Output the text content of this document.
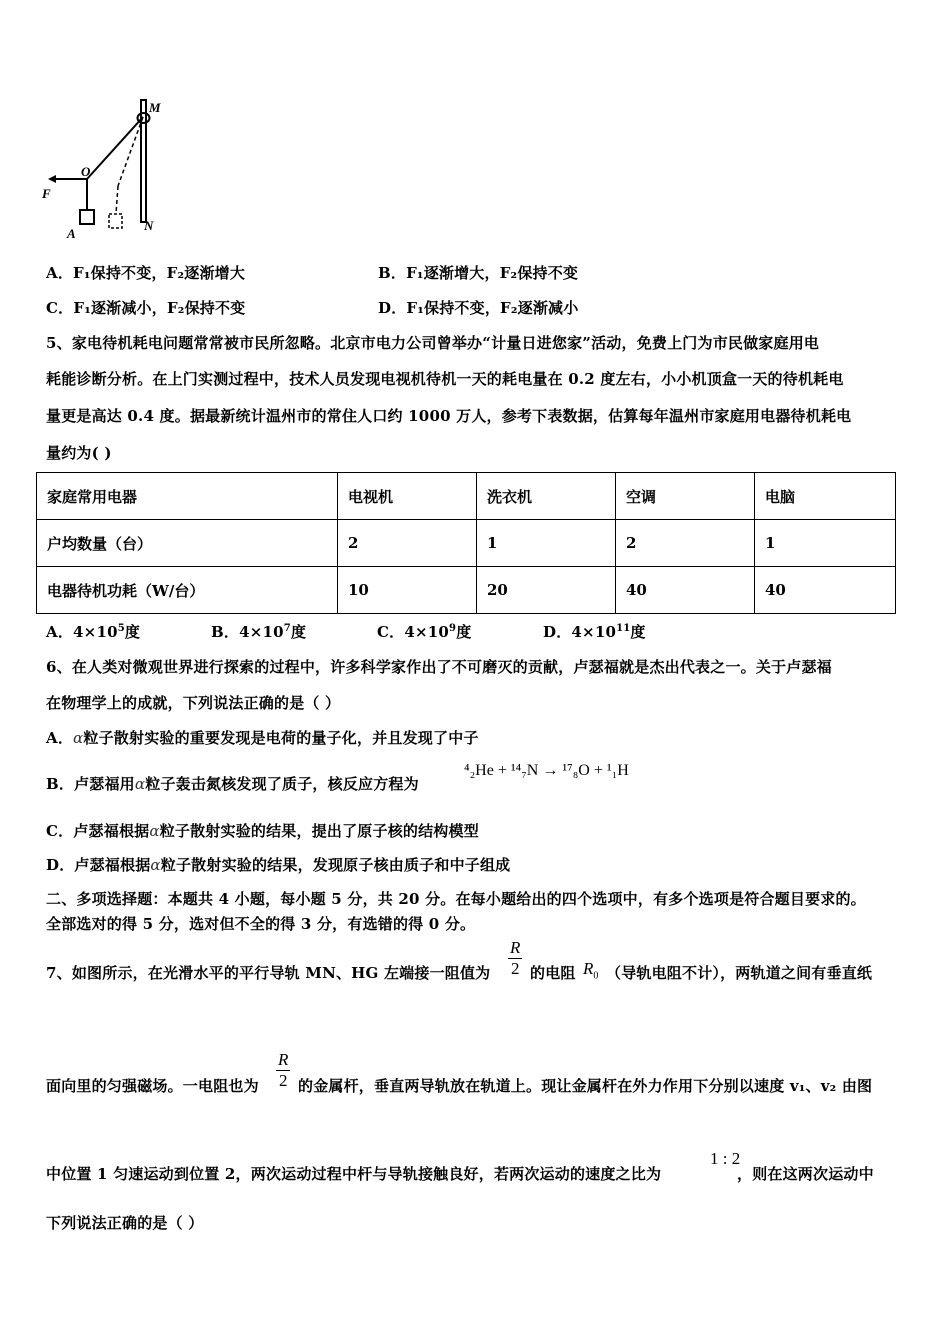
M
O
F
A
N
A．F₁保持不变，F₂逐渐增大	B．F₁逐渐增大，F₂保持不变
C．F₁逐渐减小，F₂保持不变	D．F₁保持不变，F₂逐渐减小
5、家电待机耗电问题常常被市民所忽略。北京市电力公司曾举办“计量日进您家”活动，免费上门为市民做家庭用电
耗能诊断分析。在上门实测过程中，技术人员发现电视机待机一天的耗电量在 0.2 度左右，小小机顶盒一天的待机耗电
量更是高达 0.4 度。据最新统计温州市的常住人口约 1000 万人，参考下表数据，估算每年温州市家庭用电器待机耗电
量约为( )
家庭常用电器	电视机	洗衣机	空调	电脑
户均数量（台）	2	1	2	1
电器待机功耗（W/台）	10	20	40	40
A．$4\times 10^5$度	B．$4\times 10^7$度	C．$4\times 10^9$度	D．$4\times 10^{11}$度
6、在人类对微观世界进行探索的过程中，许多科学家作出了不可磨灭的贡献，卢瑟福就是杰出代表之一。关于卢瑟福
在物理学上的成就，下列说法正确的是（ ）
A．α粒子散射实验的重要发现是电荷的量子化，并且发现了中子
B．卢瑟福用α粒子轰击氮核发现了质子，核反应方程为
⁴₂He + ¹⁴₇N → ¹⁷₈O + ¹₁H
C．卢瑟福根据α粒子散射实验的结果，提出了原子核的结构模型
D．卢瑟福根据α粒子散射实验的结果，发现原子核由质子和中子组成
二、多项选择题：本题共 4 小题，每小题 5 分，共 20 分。在每小题给出的四个选项中，有多个选项是符合题目要求的。
全部选对的得 5 分，选对但不全的得 3 分，有选错的得 0 分。
7、如图所示，在光滑水平的平行导轨 MN、HG 左端接一阻值为 $\frac{R}{2}$ 的电阻 $R_0$ （导轨电阻不计），两轨道之间有垂直纸
面向里的匀强磁场。一电阻也为 $\frac{R}{2}$ 的金属杆，垂直两导轨放在轨道上。现让金属杆在外力作用下分别以速度 v₁、v₂ 由图
中位置 1 匀速运动到位置 2，两次运动过程中杆与导轨接触良好，若两次运动的速度之比为
1 : 2
，则在这两次运动中
下列说法正确的是（ ）
